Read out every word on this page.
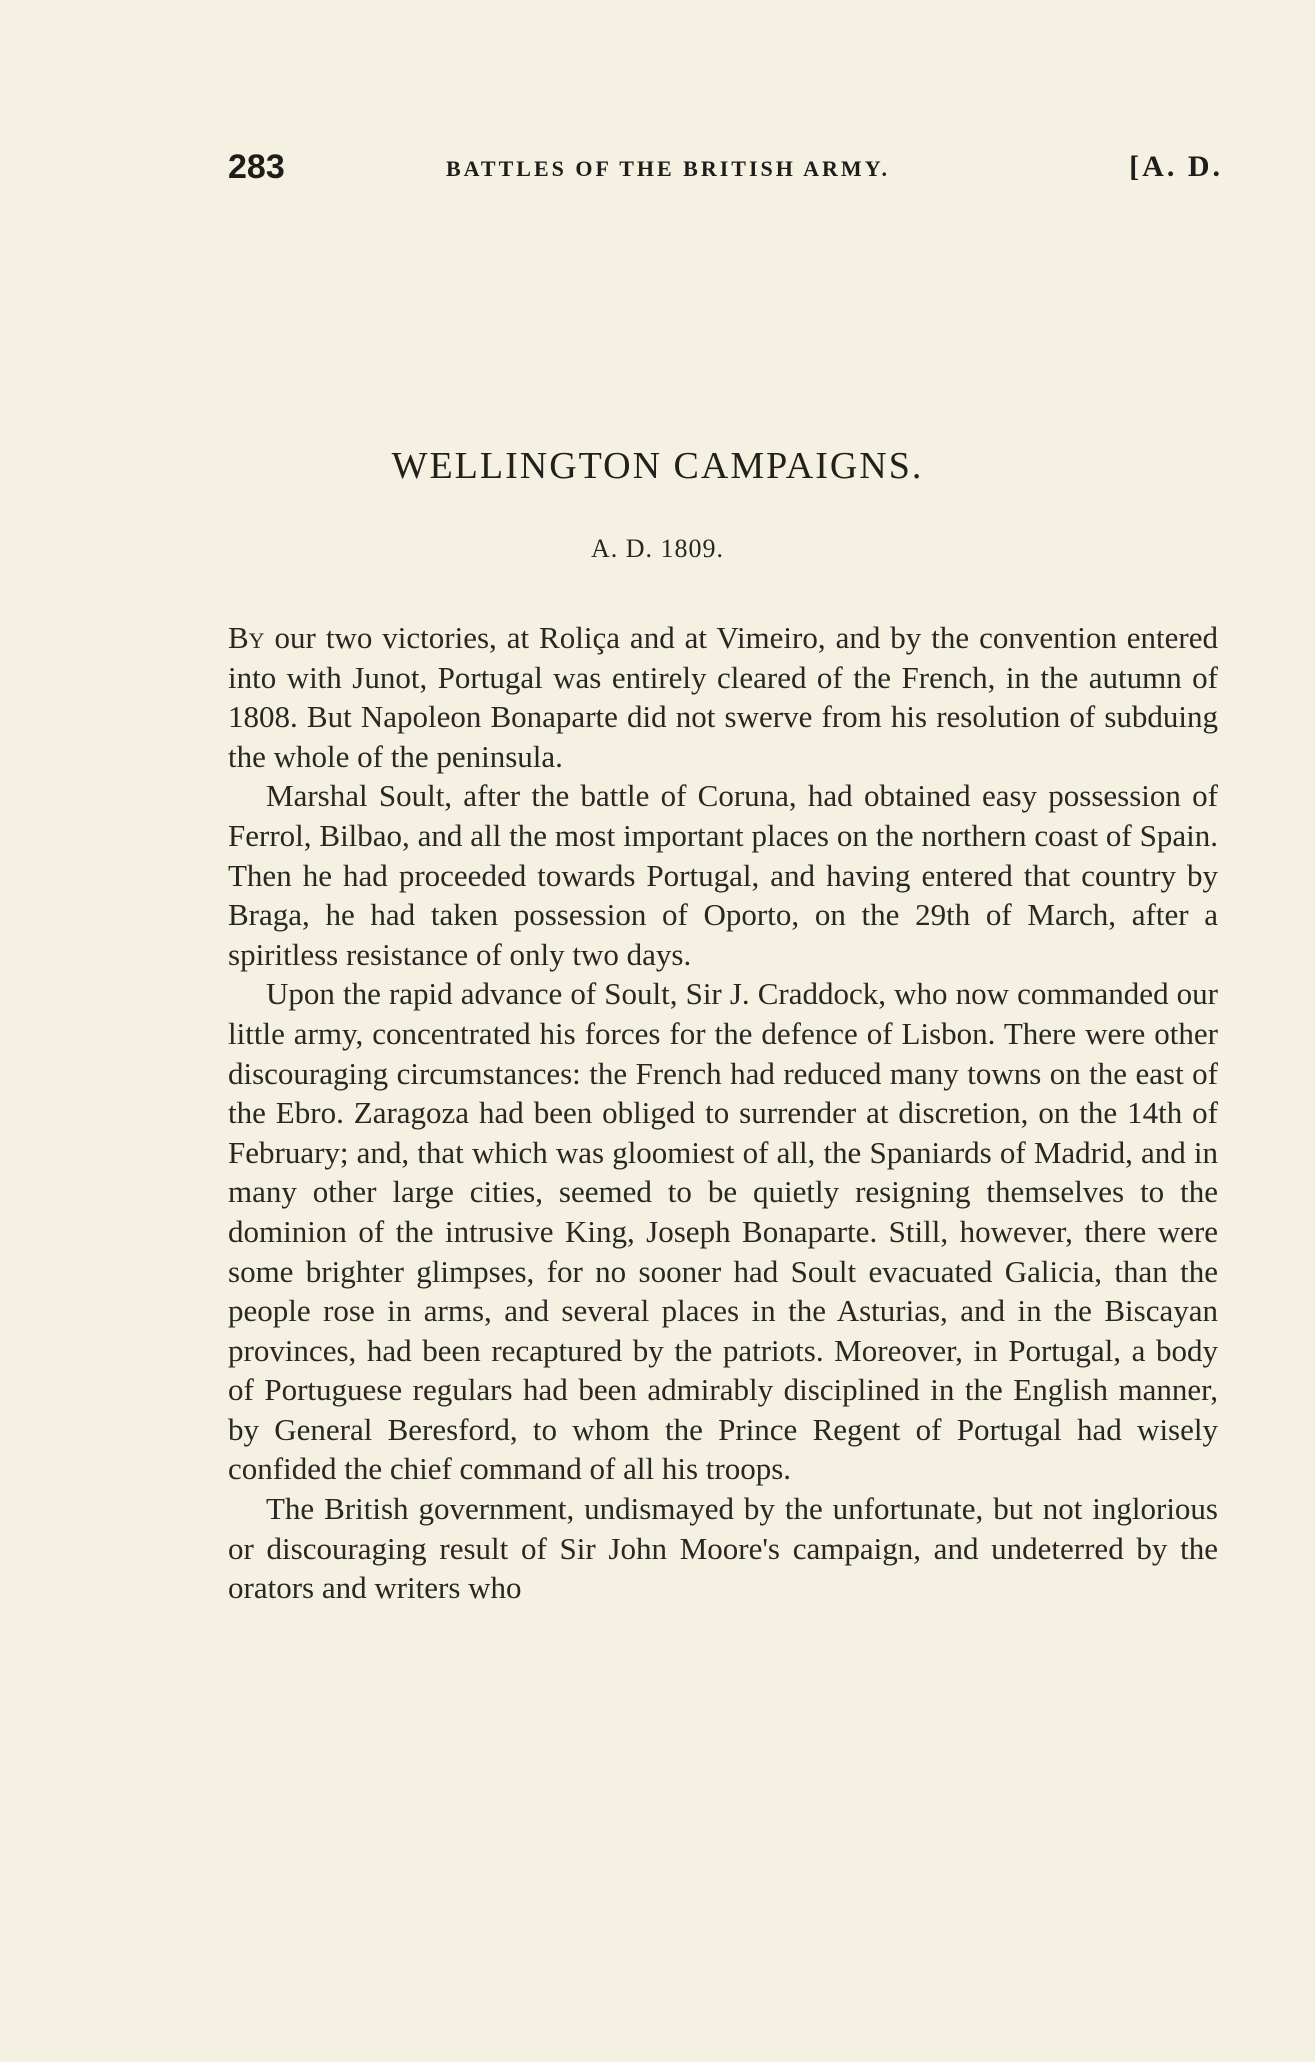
283	BATTLES OF THE BRITISH ARMY.	[A. D.
WELLINGTON CAMPAIGNS.
A. D. 1809.

By our two victories, at Roliça and at Vimeiro, and by the convention entered into with Junot, Portugal was entirely cleared of the French, in the autumn of 1808. But Napoleon Bonaparte did not swerve from his resolution of subduing the whole of the peninsula.

Marshal Soult, after the battle of Coruna, had obtained easy possession of Ferrol, Bilbao, and all the most important places on the northern coast of Spain. Then he had proceeded towards Portugal, and having entered that country by Braga, he had taken possession of Oporto, on the 29th of March, after a spiritless resistance of only two days.

Upon the rapid advance of Soult, Sir J. Craddock, who now commanded our little army, concentrated his forces for the defence of Lisbon. There were other discouraging circumstances: the French had reduced many towns on the east of the Ebro. Zaragoza had been obliged to surrender at discretion, on the 14th of February; and, that which was gloomiest of all, the Spaniards of Madrid, and in many other large cities, seemed to be quietly resigning themselves to the dominion of the intrusive King, Joseph Bonaparte. Still, however, there were some brighter glimpses, for no sooner had Soult evacuated Galicia, than the people rose in arms, and several places in the Asturias, and in the Biscayan provinces, had been recaptured by the patriots. Moreover, in Portugal, a body of Portuguese regulars had been admirably disciplined in the English manner, by General Beresford, to whom the Prince Regent of Portugal had wisely confided the chief command of all his troops.

The British government, undismayed by the unfortunate, but not inglorious or discouraging result of Sir John Moore's campaign, and undeterred by the orators and writers who
